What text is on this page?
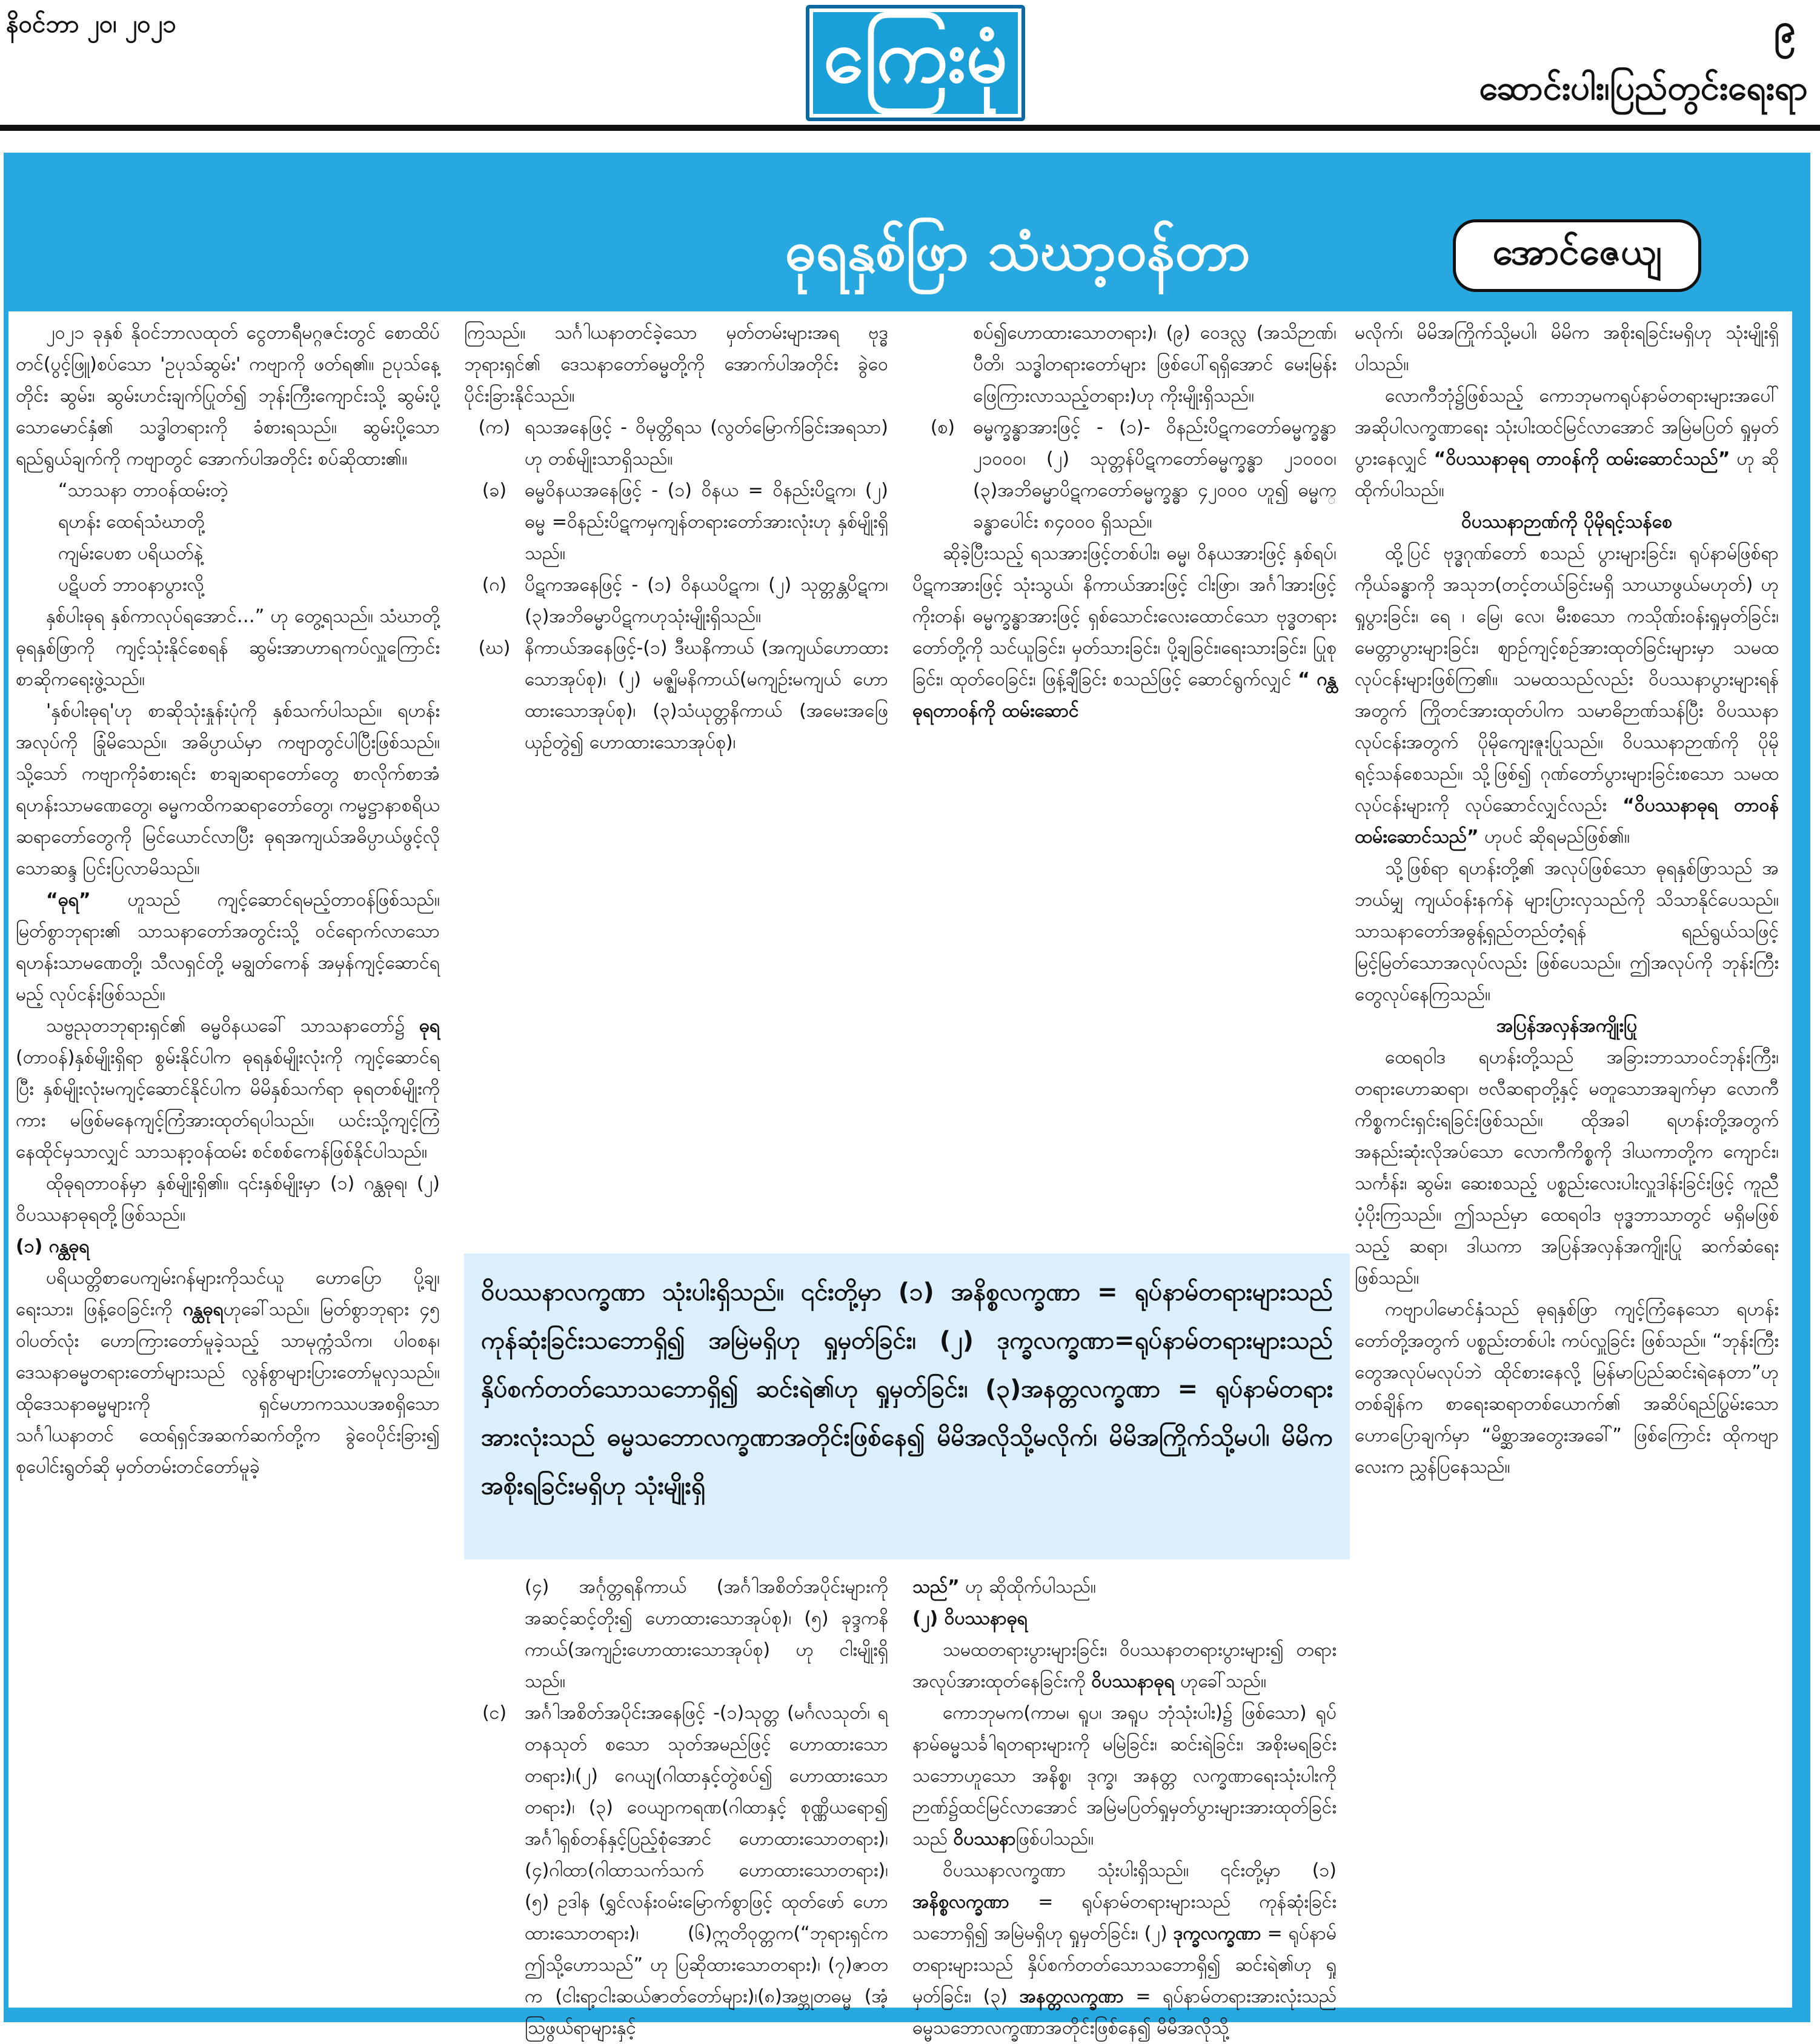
နိဝင်ဘာ ၂၀၊ ၂၀၂၁	ကြေးမုံ	၉
ဆောင်းပါး၊ပြည်တွင်းရေးရာ
ဓုရနှစ်ဖြာ သံဃာ့ဝန်တာ	အောင်ဇေယျ

၂၀၂၁ ခုနှစ် နိုဝင်ဘာလထုတ် ငွေတာရီမဂ္ဂဇင်းတွင် စောထိပ်တင်(ပွင့်ဖြူ)စပ်သော 'ဥပုသ်ဆွမ်း' ကဗျာကို ဖတ်ရ၏။ ဥပုသ်နေ့တိုင်း ဆွမ်း၊ ဆွမ်းဟင်းချက်ပြုတ်၍ ဘုန်းကြီးကျောင်းသို့ ဆွမ်းပို့သောမောင်နှံ၏ သဒ္ဓါတရားကို ခံစားရသည်။ ဆွမ်းပို့သောရည်ရွယ်ချက်ကို ကဗျာတွင် အောက်ပါအတိုင်း စပ်ဆိုထား၏။

“သာသနာ တာဝန်ထမ်းတဲ့

ရဟန်း ထေရ်သံဃာတို့

ကျမ်းပေစာ ပရိယတ်နဲ့

ပဋိပတ် ဘာဝနာပွားလို့

နှစ်ပါးဓုရ နှစ်ကာလုပ်ရအောင်…” ဟု တွေ့ရသည်။ သံဃာတို့ ဓုရနှစ်ဖြာကို ကျင့်သုံးနိုင်စေရန် ဆွမ်းအာဟာရကပ်လှူကြောင်း စာဆိုကရေးဖွဲ့သည်။

'နှစ်ပါးဓုရ'ဟု စာဆိုသုံးနှုန်းပုံကို နှစ်သက်ပါသည်။ ရဟန်းအလုပ်ကို ခြုံမိသေည်။ အဓိပ္ပာယ်မှာ ကဗျာတွင်ပါပြီးဖြစ်သည်။ သို့သော် ကဗျာကိုခံစားရင်း စာချဆရာတော်တွေ စာလိုက်စာအံ ရဟန်းသာမဏေတွေ၊ ဓမ္မကထိကဆရာတော်တွေ၊ ကမ္မဋ္ဌာနာစရိယဆရာတော်တွေကို မြင်ယောင်လာပြီး ဓုရအကျယ်အဓိပ္ပာယ်ဖွင့်လိုသောဆန္ဒ ပြင်းပြလာမိသည်။

“ဓုရ” ဟူသည် ကျင့်ဆောင်ရမည့်တာဝန်ဖြစ်သည်။ မြတ်စွာဘုရား၏ သာသနာတော်အတွင်းသို့ ဝင်ရောက်လာသော ရဟန်းသာမဏေတို့၊ သီလရှင်တို့ မချွတ်ကေန် အမှန်ကျင့်ဆောင်ရမည့် လုပ်ငန်းဖြစ်သည်။

သဗ္ဗညုတဘုရားရှင်၏ ဓမ္မဝိနယခေါ် သာသနာတော်၌ ဓုရ (တာဝန်)နှစ်မျိုးရှိရာ စွမ်းနိုင်ပါက ဓုရနှစ်မျိုးလုံးကို ကျင့်ဆောင်ရပြီး နှစ်မျိုးလုံးမကျင့်ဆောင်နိုင်ပါက မိမိနှစ်သက်ရာ ဓုရတစ်မျိုးကိုကား မဖြစ်မနေကျင့်ကြံအားထုတ်ရပါသည်။ ယင်းသို့ကျင့်ကြံနေထိုင်မှသာလျှင် သာသနာ့ဝန်ထမ်း စင်စစ်ကေန်ဖြစ်နိုင်ပါသည်။

ထိုဓုရတာဝန်မှာ နှစ်မျိုးရှိ၏။ ၎င်းနှစ်မျိုးမှာ (၁) ဂန္ထဓုရ၊ (၂) ဝိပဿနာဓုရတို့ဖြစ်သည်။

(၁) ဂန္ထဓုရ

ပရိယတ္တိစာပေကျမ်းဂန်များကိုသင်ယူ ဟောပြော ပို့ချ၊ ရေးသား၊ ဖြန့်ဝေခြင်းကို ဂန္ထဓုရဟုခေါ်သည်။ မြတ်စွာဘုရား ၄၅ ဝါပတ်လုံး ဟောကြားတော်မူခဲ့သည့် သာမုက္ကံသိက၊ ပါဝစန၊ ဒေသနာဓမ္မတရားတော်များသည် လွန်စွာများပြားတော်မူလှသည်။ ထိုဒေသနာဓမ္မများကို ရှင်မဟာကဿပအစရှိသော သင်္ဂါယနာတင် ထေရ်ရှင်အဆက်ဆက်တို့က ခွဲဝေပိုင်းခြား၍ စုပေါင်းရွတ်ဆို မှတ်တမ်းတင်တော်မူခဲ့

ကြသည်။ သင်္ဂါယနာတင်ခဲ့သော မှတ်တမ်းများအရ ဗုဒ္ဓဘုရားရှင်၏ ဒေသနာတော်ဓမ္မတို့ကို အောက်ပါအတိုင်း ခွဲဝေပိုင်းခြားနိုင်သည်။

(က) ရသအနေဖြင့် - ဝိမုတ္တိရသ (လွတ်မြောက်ခြင်းအရသာ) ဟု တစ်မျိုးသာရှိသည်။
(ခ) ဓမ္မဝိနယအနေဖြင့် - (၁) ဝိနယ = ဝိနည်းပိဋက၊ (၂) ဓမ္မ =ဝိနည်းပိဋကမှကျန်တရားတော်အားလုံးဟု နှစ်မျိုးရှိသည်။
(ဂ) ပိဋကအနေဖြင့် - (၁) ဝိနယပိဋက၊ (၂) သုတ္တန္တပိဋက၊(၃)အဘိဓမ္မာပိဋကဟုသုံးမျိုးရှိသည်။
(ဃ) နိကာယ်အနေဖြင့်-(၁) ဒီဃနိကာယ် (အကျယ်ဟောထားသောအုပ်စု)၊ (၂) မဇ္ဈိမနိကာယ်(မကျဉ်းမကျယ် ဟောထားသောအုပ်စု)၊ (၃)သံယုတ္တနိကာယ် (အမေးအဖြေယှဉ်တွဲ၍ ဟောထားသောအုပ်စု)၊
စပ်၍ဟောထားသောတရား)၊ (၉) ဝေဒလ္လ (အသိဉာဏ်၊ ပီတိ၊ သဒ္ဓါတရားတော်များ ဖြစ်ပေါ်ရရှိအောင် မေးမြန်းဖြေကြားလာသည့်တရား)ဟု ကိုးမျိုးရှိသည်။
(စ) ဓမ္မက္ခန္ဓာအားဖြင့် - (၁)- ဝိနည်းပိဋကတော်ဓမ္မက္ခန္ဓာ ၂၁၀၀၀၊ (၂) သုတ္တန်ပိဋကတော်ဓမ္မက္ခန္ဓာ ၂၁၀၀၀၊ (၃)အဘိဓမ္မာပိဋကတော်ဓမ္မက္ခန္ဓာ ၄၂၀၀၀ ဟူ၍ ဓမ္မက္ခန္ဓာပေါင်း ၈၄၀၀၀ ရှိသည်။

ဆိုခဲ့ပြီးသည့် ရသအားဖြင့်တစ်ပါး၊ ဓမ္မ၊ ဝိနယအားဖြင့် နှစ်ရပ်၊ ပိဋကအားဖြင့် သုံးသွယ်၊ နိကာယ်အားဖြင့် ငါးဖြာ၊ အင်္ဂါအားဖြင့် ကိုးတန်၊ ဓမ္မက္ခန္ဓာအားဖြင့် ရှစ်သောင်းလေးထောင်သော ဗုဒ္ဓတရားတော်တို့ကို သင်ယူခြင်း၊ မှတ်သားခြင်း၊ ပို့ချခြင်း၊ရေးသားခြင်း၊ ပြုစုခြင်း၊ ထုတ်ဝေခြင်း၊ ဖြန့်ချီခြင်း စသည်ဖြင့် ဆောင်ရွက်လျှင် “ ဂန္ထဓုရတာဝန်ကို ထမ်းဆောင်

မလိုက်၊ မိမိအကြိုက်သို့မပါ၊ မိမိက အစိုးရခြင်းမရှိဟု သုံးမျိုးရှိပါသည်။

လောကီဘုံ၌ဖြစ်သည့် ကောဘုမကရုပ်နာမ်တရားများအပေါ် အဆိုပါလက္ခဏာရေး သုံးပါးထင်မြင်လာအောင် အမြဲမပြတ် ရှုမှတ်ပွားနေလျှင် “ဝိပဿနာဓုရ တာဝန်ကို ထမ်းဆောင်သည်” ဟု ဆိုထိုက်ပါသည်။

ဝိပဿနာဉာဏ်ကို ပိုမိုရင့်သန်စေ

ထို့ပြင် ဗုဒ္ဓဂုဏ်တော် စသည် ပွားများခြင်း၊ ရုပ်နာမ်ဖြစ်ရာ ကိုယ်ခန္ဓာကို အသုဘ(တင့်တယ်ခြင်းမရှိ သာယာဖွယ်မဟုတ်) ဟု ရှုပွားခြင်း၊ ရေ ၊ မြေ၊ လေ၊ မီးစသော ကသိုဏ်းဝန်းရှုမှတ်ခြင်း၊ မေတ္တာပွားများခြင်း၊ ဈာဉ်ကျင့်စဉ်အားထုတ်ခြင်းများမှာ သမထလုပ်ငန်းများဖြစ်ကြ၏။ သမထသည်လည်း ဝိပဿနာပွားများရန်အတွက် ကြိုတင်အားထုတ်ပါက သမာဓိဉာဏ်သန်ပြီး ဝိပဿနာလုပ်ငန်းအတွက် ပိုမိုကျေးဇူးပြုသည်။ ဝိပဿနာဉာဏ်ကို ပိုမိုရင့်သန်စေသည်။ သို့ဖြစ်၍ ဂုဏ်တော်ပွားများခြင်းစသော သမထလုပ်ငန်းများကို လုပ်ဆောင်လျှင်လည်း “ဝိပဿနာဓုရ တာဝန်ထမ်းဆောင်သည်” ဟုပင် ဆိုရမည်ဖြစ်၏။

သို့ဖြစ်ရာ ရဟန်းတို့၏ အလုပ်ဖြစ်သော ဓုရနှစ်ဖြာသည် အဘယ်မျှ ကျယ်ဝန်းနက်နဲ များပြားလှသည်ကို သိသာနိုင်ပေသည်။ သာသနာတော်အဓွန့်ရှည်တည်တံ့ရန် ရည်ရွယ်သဖြင့် မြင့်မြတ်သောအလုပ်လည်း ဖြစ်ပေသည်။ ဤအလုပ်ကို ဘုန်းကြီးတွေလုပ်နေကြသည်။

အပြန်အလှန်အကျိုးပြု

ထေရဝါဒ ရဟန်းတို့သည် အခြားဘာသာဝင်ဘုန်းကြီး၊ တရားဟောဆရာ၊ ဗလီဆရာတို့နှင့် မတူသောအချက်မှာ လောကီကိစ္စကင်းရှင်းရခြင်းဖြစ်သည်။ ထိုအခါ ရဟန်းတို့အတွက် အနည်းဆုံးလိုအပ်သော လောကီကိစ္စကို ဒါယကာတို့က ကျောင်း၊ သင်္ကန်း၊ ဆွမ်း၊ ဆေးစသည့် ပစ္စည်းလေးပါးလှူဒါန်းခြင်းဖြင့် ကူညီပံ့ပိုးကြသည်။ ဤသည်မှာ ထေရဝါဒ ဗုဒ္ဓဘာသာတွင် မရှိမဖြစ်သည့် ဆရာ၊ ဒါယကာ အပြန်အလှန်အကျိုးပြု ဆက်ဆံရေးဖြစ်သည်။

ကဗျာပါမောင်နှံသည် ဓုရနှစ်ဖြာ ကျင့်ကြံနေသော ရဟန်းတော်တို့အတွက် ပစ္စည်းတစ်ပါး ကပ်လှူခြင်း ဖြစ်သည်။ “ဘုန်းကြီးတွေအလုပ်မလုပ်ဘဲ ထိုင်စားနေလို့ မြန်မာပြည်ဆင်းရဲနေတာ”ဟု တစ်ချိန်က စာရေးဆရာတစ်ယောက်၏ အဆိပ်ရည်ပြွမ်းသောဟောပြောချက်မှာ “မိစ္ဆာအတွေးအခေါ်” ဖြစ်ကြောင်း ထိုကဗျာလေးက ညွှန်ပြနေသည်။

ဝိပဿနာလက္ခဏာ သုံးပါးရှိသည်။ ၎င်းတို့မှာ (၁) အနိစ္စလက္ခဏာ = ရုပ်နာမ်တရားများသည် ကုန်ဆုံးခြင်းသဘောရှိ၍ အမြဲမရှိဟု ရှုမှတ်ခြင်း၊ (၂) ဒုက္ခလက္ခဏာ=ရုပ်နာမ်တရားများသည် နှိပ်စက်တတ်သောသဘောရှိ၍ ဆင်းရဲ၏ဟု ရှုမှတ်ခြင်း၊ (၃)အနတ္တလက္ခဏာ = ရုပ်နာမ်တရားအားလုံးသည် ဓမ္မသဘောလက္ခဏာအတိုင်းဖြစ်နေ၍ မိမိအလိုသို့မလိုက်၊ မိမိအကြိုက်သို့မပါ၊ မိမိက အစိုးရခြင်းမရှိဟု သုံးမျိုးရှိ
(၄) အင်္ဂုတ္တရနိကာယ် (အင်္ဂါအစိတ်အပိုင်းများကို အဆင့်ဆင့်တိုး၍ ဟောထားသောအုပ်စု)၊ (၅) ခုဒ္ဒကနိကာယ်(အကျဉ်းဟောထားသောအုပ်စု) ဟု ငါးမျိုးရှိသည်။
(င) အင်္ဂါအစိတ်အပိုင်းအနေဖြင့် -(၁)သုတ္တ (မင်္ဂလသုတ်၊ ရတနသုတ် စသော သုတ်အမည်ဖြင့် ဟောထားသောတရား)၊(၂) ဂေယျ(ဂါထာနှင့်တွဲစပ်၍ ဟောထားသောတရား)၊ (၃) ဝေယျာကရဏ(ဂါထာနှင့် စုဏ္ဏိယရော၍ အင်္ဂါရှစ်တန်နှင့်ပြည့်စုံအောင် ဟောထားသောတရား)၊ (၄)ဂါထာ(ဂါထာသက်သက် ဟောထားသောတရား)၊ (၅) ဥဒါန (ရွှင်လန်းဝမ်းမြောက်စွာဖြင့် ထုတ်ဖော် ဟောထားသောတရား)၊ (၆)ဣတိဝုတ္တက(“ဘုရားရှင်က ဤသို့ဟောသည်” ဟု ပြဆိုထားသောတရား)၊ (၇)ဇာတက (ငါးရာ့ငါးဆယ်ဇာတ်တော်များ)၊(၈)အဗ္ဘုတဓမ္မ (အံ့သြဖွယ်ရာများနှင့်

သည်” ဟု ဆိုထိုက်ပါသည်။

(၂) ဝိပဿနာဓုရ

သမထတရားပွားများခြင်း၊ ဝိပဿနာတရားပွားများ၍ တရားအလုပ်အားထုတ်နေခြင်းကို ဝိပဿနာဓုရ ဟုခေါ်သည်။

ကောဘုမက(ကာမ၊ ရူပ၊ အရူပ ဘုံသုံးပါး)၌ ဖြစ်သော) ရုပ်နာမ်ဓမ္မသင်္ခါရတရားများကို မမြဲခြင်း၊ ဆင်းရဲခြင်း၊ အစိုးမရခြင်း သဘောဟူသော အနိစ္စ၊ ဒုက္ခ၊ အနတ္တ လက္ခဏာရေးသုံးပါးကို ဉာဏ်၌ထင်မြင်လာအောင် အမြဲမပြတ်ရှုမှတ်ပွားများအားထုတ်ခြင်းသည် ဝိပဿနာဖြစ်ပါသည်။

ဝိပဿနာလက္ခဏာ သုံးပါးရှိသည်။ ၎င်းတို့မှာ (၁) အနိစ္စလက္ခဏာ = ရုပ်နာမ်တရားများသည် ကုန်ဆုံးခြင်းသဘောရှိ၍ အမြဲမရှိဟု ရှုမှတ်ခြင်း၊ (၂) ဒုက္ခလက္ခဏာ = ရုပ်နာမ်တရားများသည် နှိပ်စက်တတ်သောသဘောရှိ၍ ဆင်းရဲ၏ဟု ရှုမှတ်ခြင်း၊ (၃) အနတ္တလက္ခဏာ = ရုပ်နာမ်တရားအားလုံးသည် ဓမ္မသဘောလက္ခဏာအတိုင်းဖြစ်နေ၍ မိမိအလိုသို့
